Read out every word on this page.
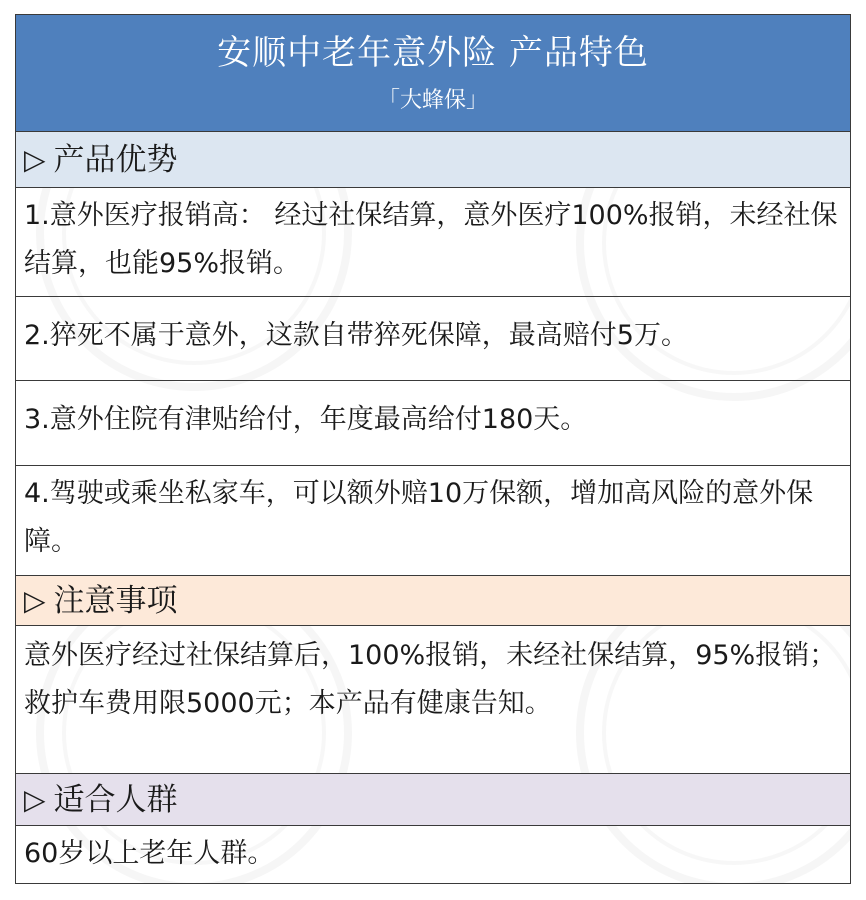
安顺中老年意外险 产品特色
「大蜂保」
▷ 产品优势
1.意外医疗报销高： 经过社保结算，意外医疗100%报销，未经社保结算，也能95%报销。
2.猝死不属于意外，这款自带猝死保障，最高赔付5万。
3.意外住院有津贴给付，年度最高给付180天。
4.驾驶或乘坐私家车，可以额外赔10万保额，增加高风险的意外保障。
▷ 注意事项
意外医疗经过社保结算后，100%报销，未经社保结算，95%报销；救护车费用限5000元；本产品有健康告知。
▷ 适合人群
60岁以上老年人群。
